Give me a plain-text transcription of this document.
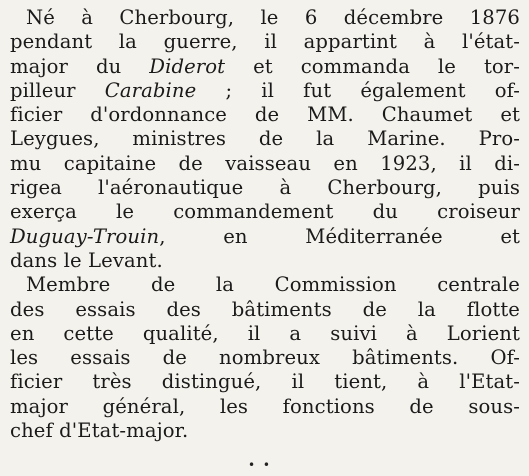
Né à Cherbourg, le 6 décembre 1876
pendant la guerre, il appartint à l'état-
major du Diderot et commanda le tor-
pilleur Carabine ; il fut également of-
ficier d'ordonnance de MM. Chaumet et
Leygues, ministres de la Marine. Pro-
mu capitaine de vaisseau en 1923, il di-
rigea l'aéronautique à Cherbourg, puis
exerça le commandement du croiseur
Duguay-Trouin,   en   Méditerranée   et
dans le Levant.
Membre de la Commission centrale
des essais des bâtiments de la flotte
en cette qualité, il a suivi à Lorient
les essais de nombreux bâtiments. Of-
ficier très distingué, il tient, à l'Etat-
major général, les fonctions de sous-
chef d'Etat-major.
• •
